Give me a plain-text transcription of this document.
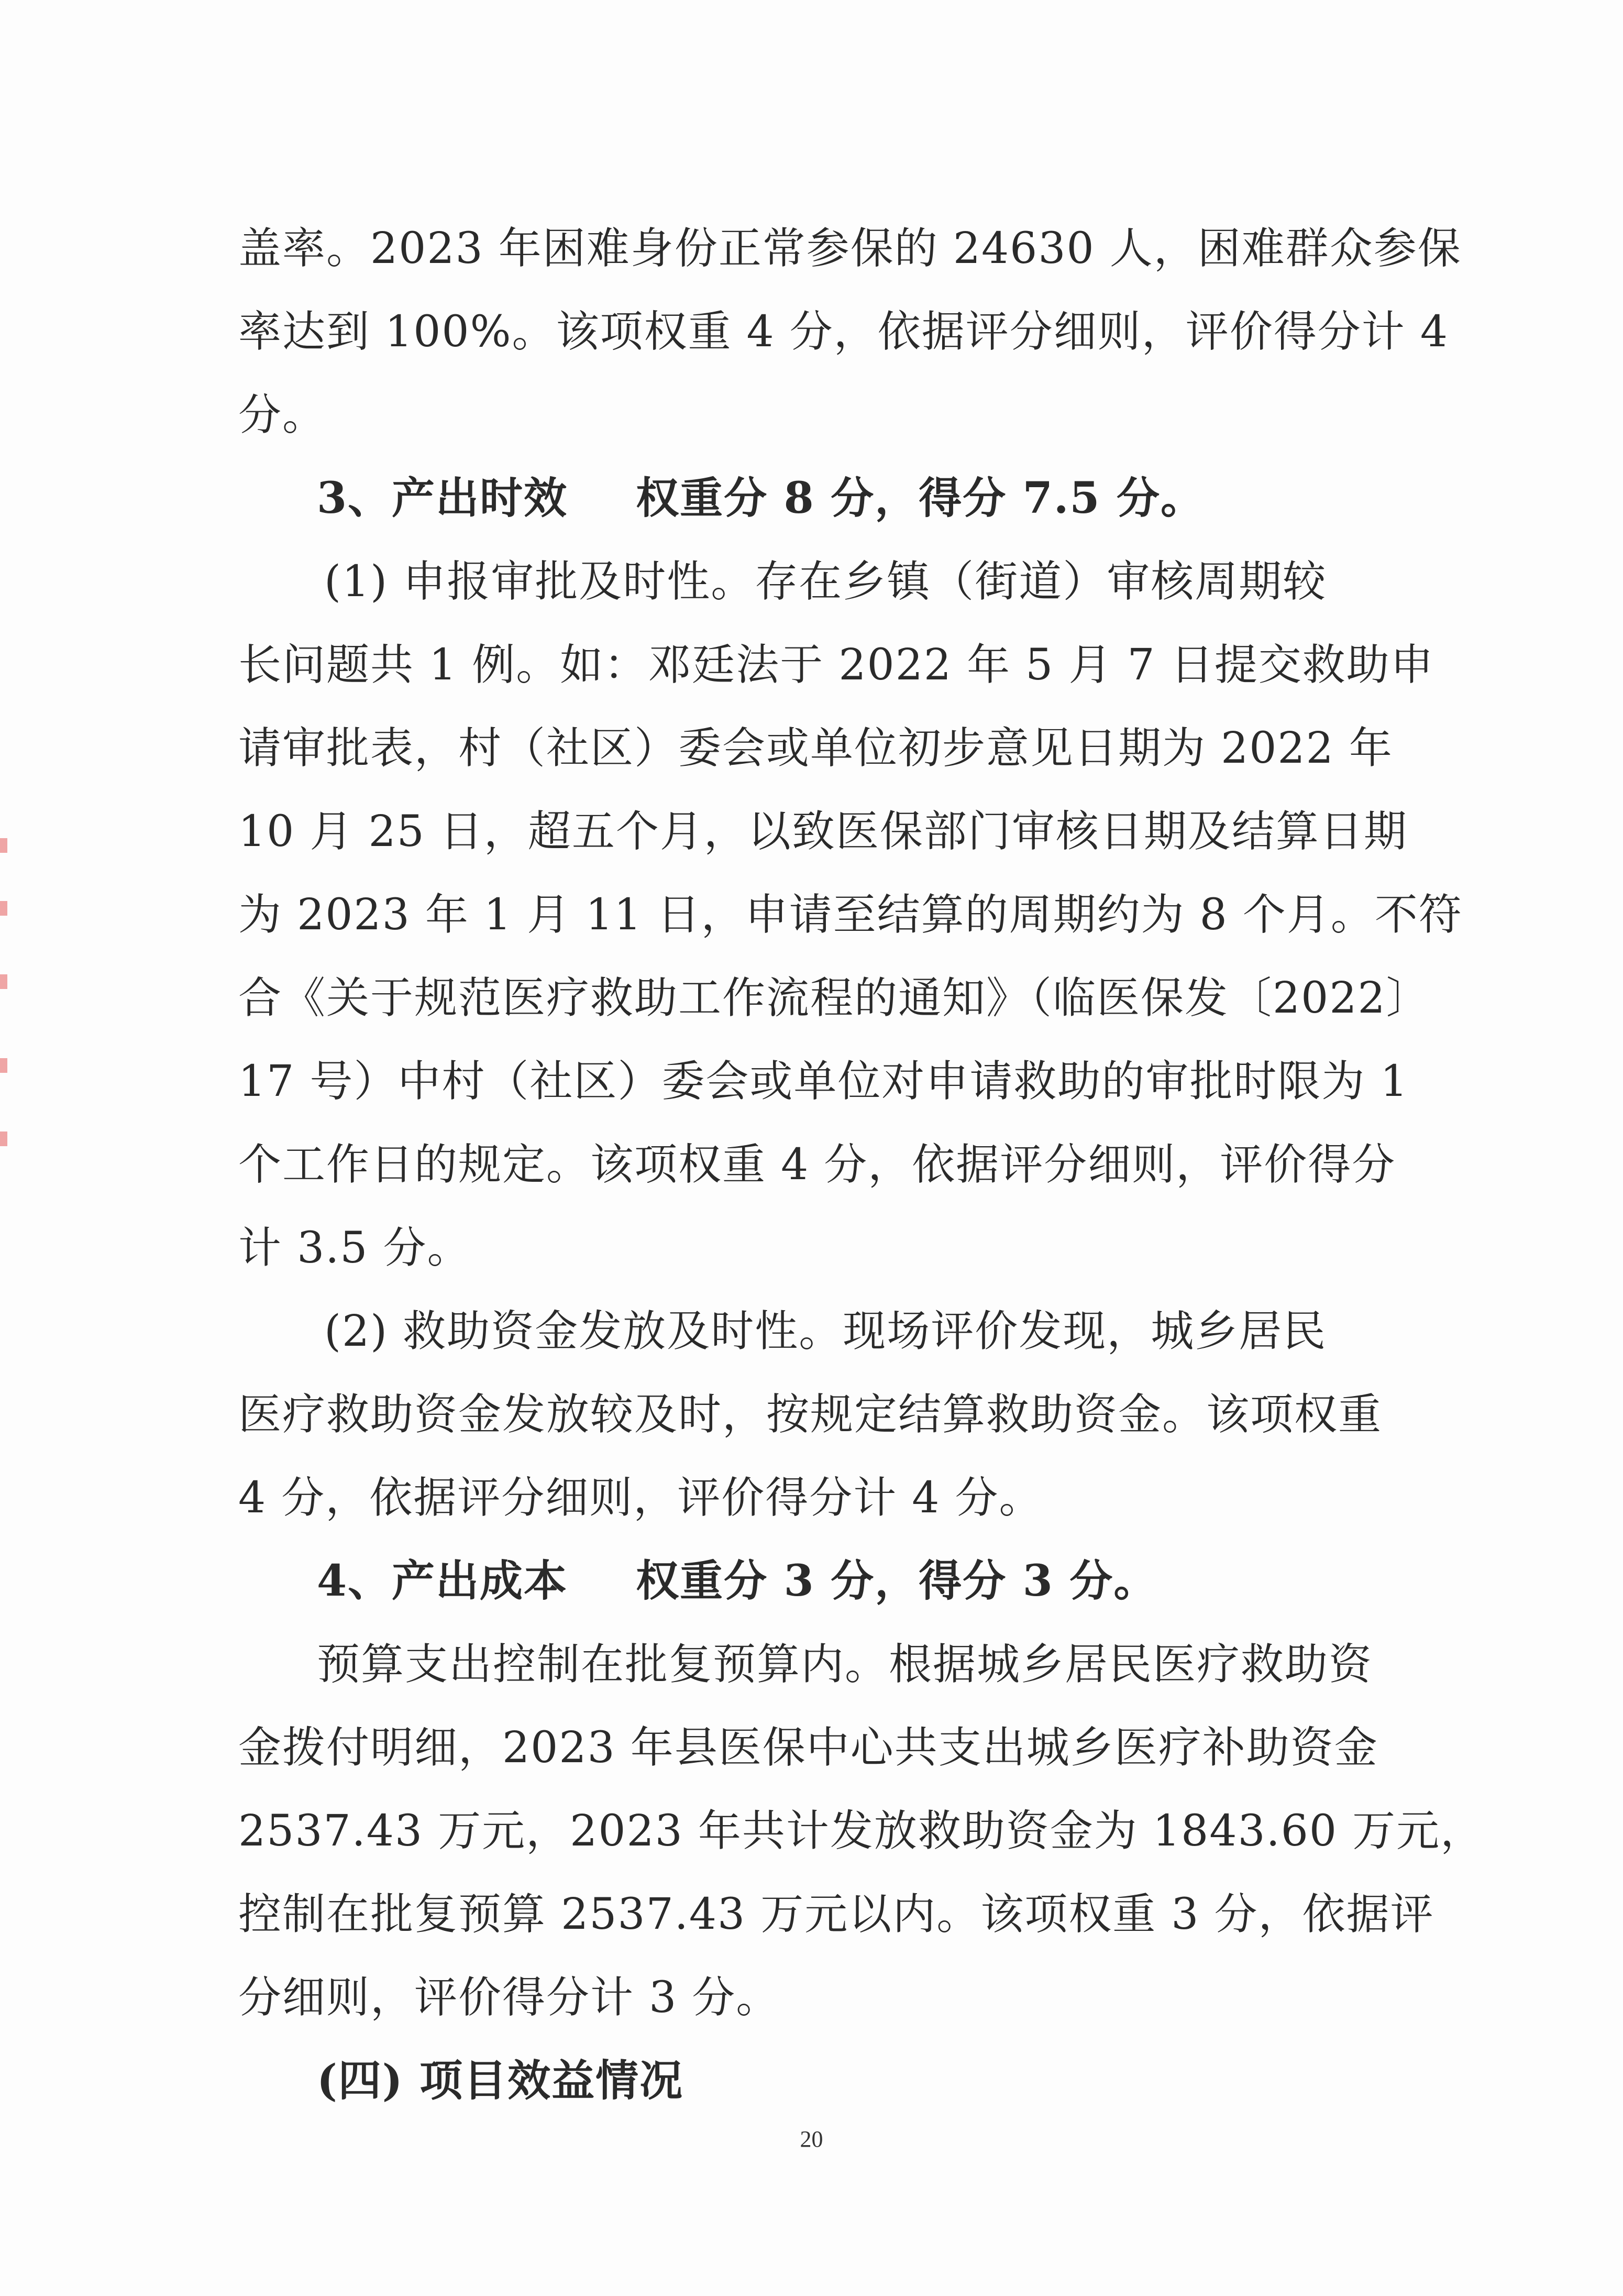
盖率。2023 年困难身份正常参保的 24630 人，困难群众参保
率达到 100%。该项权重 4 分，依据评分细则，评价得分计 4
分。
3、产出时效 权重分 8 分，得分 7.5 分。
(1) 申报审批及时性。存在乡镇（街道）审核周期较
长问题共 1 例。如：邓廷法于 2022 年 5 月 7 日提交救助申
请审批表，村（社区）委会或单位初步意见日期为 2022 年
10 月 25 日，超五个月，以致医保部门审核日期及结算日期
为 2023 年 1 月 11 日，申请至结算的周期约为 8 个月。不符
合《关于规范医疗救助工作流程的通知》（临医保发〔2022〕
17 号）中村（社区）委会或单位对申请救助的审批时限为 1
个工作日的规定。该项权重 4 分，依据评分细则，评价得分
计 3.5 分。
(2) 救助资金发放及时性。现场评价发现，城乡居民
医疗救助资金发放较及时，按规定结算救助资金。该项权重
4 分，依据评分细则，评价得分计 4 分。
4、产出成本 权重分 3 分，得分 3 分。
预算支出控制在批复预算内。根据城乡居民医疗救助资
金拨付明细，2023 年县医保中心共支出城乡医疗补助资金
2537.43 万元，2023 年共计发放救助资金为 1843.60 万元，
控制在批复预算 2537.43 万元以内。该项权重 3 分，依据评
分细则，评价得分计 3 分。
(四) 项目效益情况
20
